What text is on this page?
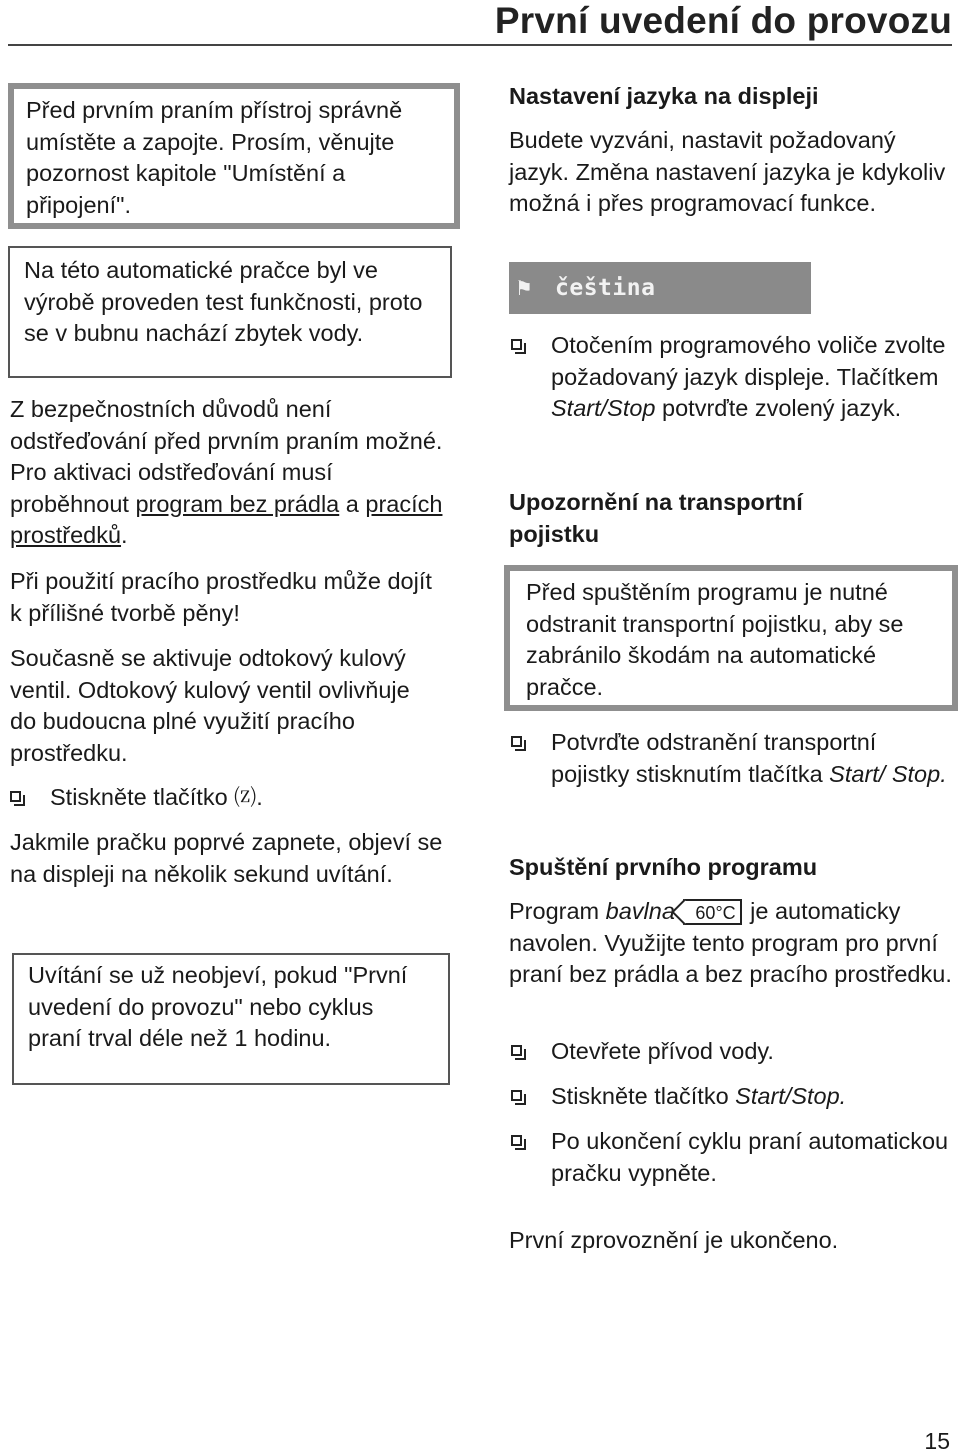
První uvedení do provozu

Před prvním praním přístroj správně umístěte a zapojte. Prosím, věnujte pozornost kapitole "Umístění a připojení".

Na této automatické pračce byl ve výrobě proveden test funkčnosti, proto se v bubnu nachází zbytek vody.

Z bezpečnostních důvodů není odstřeďování před prvním praním možné. Pro aktivaci odstřeďování musí proběhnout program bez prádla a pracích prostředků.
Při použití pracího prostředku může dojít k přílišné tvorbě pěny!
Současně se aktivuje odtokový kulový ventil. Odtokový kulový ventil ovlivňuje do budoucna plné využití pracího prostředku.
Stiskněte tlačítko ⒵.
Jakmile pračku poprvé zapnete, objeví se na displeji na několik sekund uvítání.

Uvítání se už neobjeví, pokud "První uvedení do provozu" nebo cyklus praní trval déle než 1 hodinu.

Nastavení jazyka na displeji
Budete vyzváni, nastavit požadovaný jazyk. Změna nastavení jazyka je kdykoliv možná i přes programovací funkce.
⚑ čeština
Otočením programového voliče zvolte požadovaný jazyk displeje. Tlačítkem Start/Stop potvrďte zvolený jazyk.
Upozornění na transportní pojistku

Před spuštěním programu je nutné odstranit transportní pojistku, aby se zabránilo škodám na automatické pračce.

Potvrďte odstranění transportní pojistky stisknutím tlačítka Start/ Stop.
Spuštění prvního programu
Program bavlna 60°C je automaticky navolen. Využijte tento program pro první praní bez prádla a bez pracího prostředku.
Otevřete přívod vody.
Stiskněte tlačítko Start/Stop.
Po ukončení cyklu praní automatickou pračku vypněte.
První zprovoznění je ukončeno.
15
